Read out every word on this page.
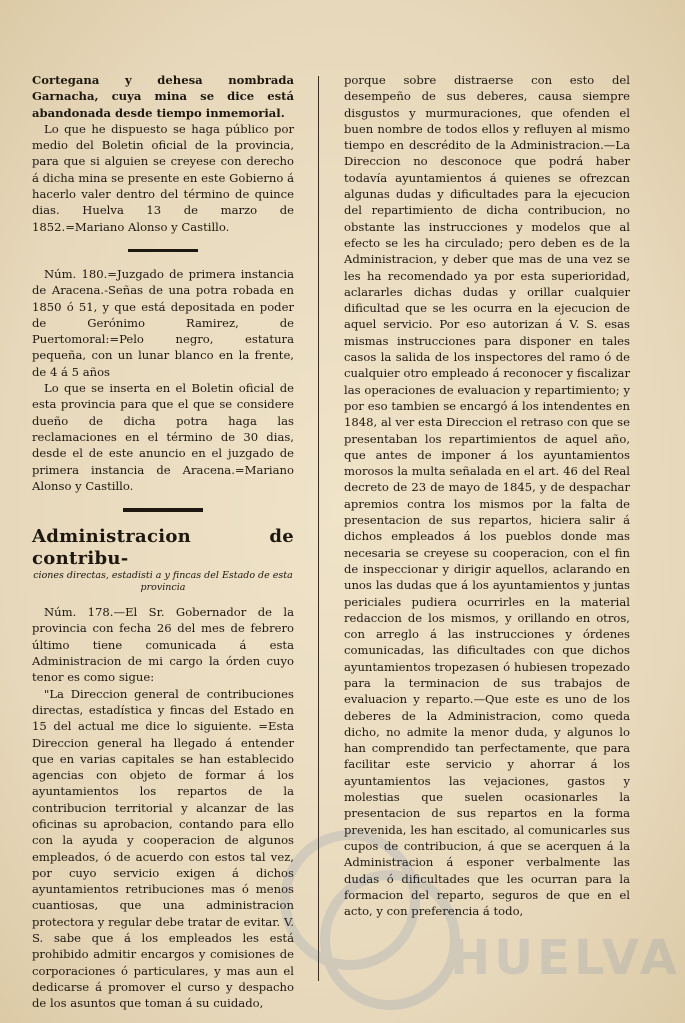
Cortegana y dehesa nombrada Garnacha, cuya mina se dice está abandonada desde tiempo inmemorial.

Lo que he dispuesto se haga público por medio del Boletin oficial de la provincia, para que si alguien se creyese con derecho á dicha mina se presente en este Gobierno á hacerlo valer dentro del término de quince dias. Huelva 13 de marzo de 1852.=Mariano Alonso y Castillo.

Núm. 180.=Juzgado de primera instancia de Aracena.-Señas de una potra robada en 1850 ó 51, y que está depositada en poder de Gerónimo Ramirez, de Puertomoral:=Pelo negro, estatura pequeña, con un lunar blanco en la frente, de 4 á 5 años

Lo que se inserta en el Boletin oficial de esta provincia para que el que se considere dueño de dicha potra haga las reclamaciones en el término de 30 dias, desde el de este anuncio en el juzgado de primera instancia de Aracena.=Mariano Alonso y Castillo.

Administracion de contribu-
ciones directas, estadisti a y fincas del Estado de esta provincia

Núm. 178.—El Sr. Gobernador de la provincia con fecha 26 del mes de febrero último tiene comunicada á esta Administracion de mi cargo la órden cuyo tenor es como sigue:

"La Direccion general de contribuciones directas, estadística y fincas del Estado en 15 del actual me dice lo siguiente. =Esta Direccion general ha llegado á entender que en varias capitales se han establecido agencias con objeto de formar á los ayuntamientos los repartos de la contribucion territorial y alcanzar de las oficinas su aprobacion, contando para ello con la ayuda y cooperacion de algunos empleados, ó de acuerdo con estos tal vez, por cuyo servicio exigen á dichos ayuntamientos retribuciones mas ó menos cuantiosas, que una administracion protectora y regular debe tratar de evitar. V. S. sabe que á los empleados les está prohibido admitir encargos y comisiones de corporaciones ó particulares, y mas aun el dedicarse á promover el curso y despacho de los asuntos que toman á su cuidado,

porque sobre distraerse con esto del desempeño de sus deberes, causa siempre disgustos y murmuraciones, que ofenden el buen nombre de todos ellos y refluyen al mismo tiempo en descrédito de la Administracion.—La Direccion no desconoce que podrá haber todavía ayuntamientos á quienes se ofrezcan algunas dudas y dificultades para la ejecucion del repartimiento de dicha contribucion, no obstante las instrucciones y modelos que al efecto se les ha circulado; pero deben es de la Administracion, y deber que mas de una vez se les ha recomendado ya por esta superioridad, aclararles dichas dudas y orillar cualquier dificultad que se les ocurra en la ejecucion de aquel servicio. Por eso autorizan á V. S. esas mismas instrucciones para disponer en tales casos la salida de los inspectores del ramo ó de cualquier otro empleado á reconocer y fiscalizar las operaciones de evaluacion y repartimiento; y por eso tambien se encargó á los intendentes en 1848, al ver esta Direccion el retraso con que se presentaban los repartimientos de aquel año, que antes de imponer á los ayuntamientos morosos la multa señalada en el art. 46 del Real decreto de 23 de mayo de 1845, y de despachar apremios contra los mismos por la falta de presentacion de sus repartos, hiciera salir á dichos empleados á los pueblos donde mas necesaria se creyese su cooperacion, con el fin de inspeccionar y dirigir aquellos, aclarando en unos las dudas que á los ayuntamientos y juntas periciales pudiera ocurrirles en la material redaccion de los mismos, y orillando en otros, con arreglo á las instrucciones y órdenes comunicadas, las dificultades con que dichos ayuntamientos tropezasen ó hubiesen tropezado para la terminacion de sus trabajos de evaluacion y reparto.—Que este es uno de los deberes de la Administracion, como queda dicho, no admite la menor duda, y algunos lo han comprendido tan perfectamente, que para facilitar este servicio y ahorrar á los ayuntamientos las vejaciones, gastos y molestias que suelen ocasionarles la presentacion de sus repartos en la forma prevenida, les han escitado, al comunicarles sus cupos de contribucion, á que se acerquen á la Administracion á esponer verbalmente las dudas ó dificultades que les ocurran para la formacion del reparto, seguros de que en el acto, y con preferencia á todo,

HUELVA
